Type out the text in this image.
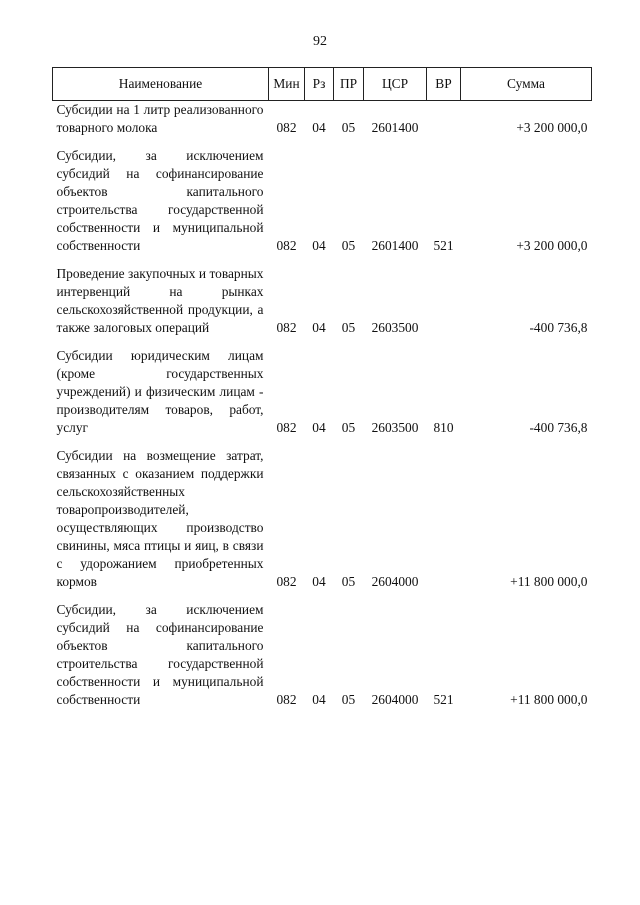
92
Наименование	Мин	Рз	ПР	ЦСР	ВР	Сумма
Субсидии на 1 литр реализованного товарного молока	082	04	05	2601400		+3 200 000,0
Субсидии, за исключением субсидий на софинансирование объектов капитального строительства государственной собственности и муниципальной собственности	082	04	05	2601400	521	+3 200 000,0
Проведение закупочных и товарных интервенций на рынках сельскохозяйственной продукции, а также залоговых операций	082	04	05	2603500		-400 736,8
Субсидии юридическим лицам (кроме государственных учреждений) и физическим лицам - производителям товаров, работ, услуг	082	04	05	2603500	810	-400 736,8
Субсидии на возмещение затрат, связанных с оказанием поддержки сельскохозяйственных товаропроизводителей, осуществляющих производство свинины, мяса птицы и яиц, в связи с удорожанием приобретенных кормов	082	04	05	2604000		+11 800 000,0
Субсидии, за исключением субсидий на софинансирование объектов капитального строительства государственной собственности и муниципальной собственности	082	04	05	2604000	521	+11 800 000,0
